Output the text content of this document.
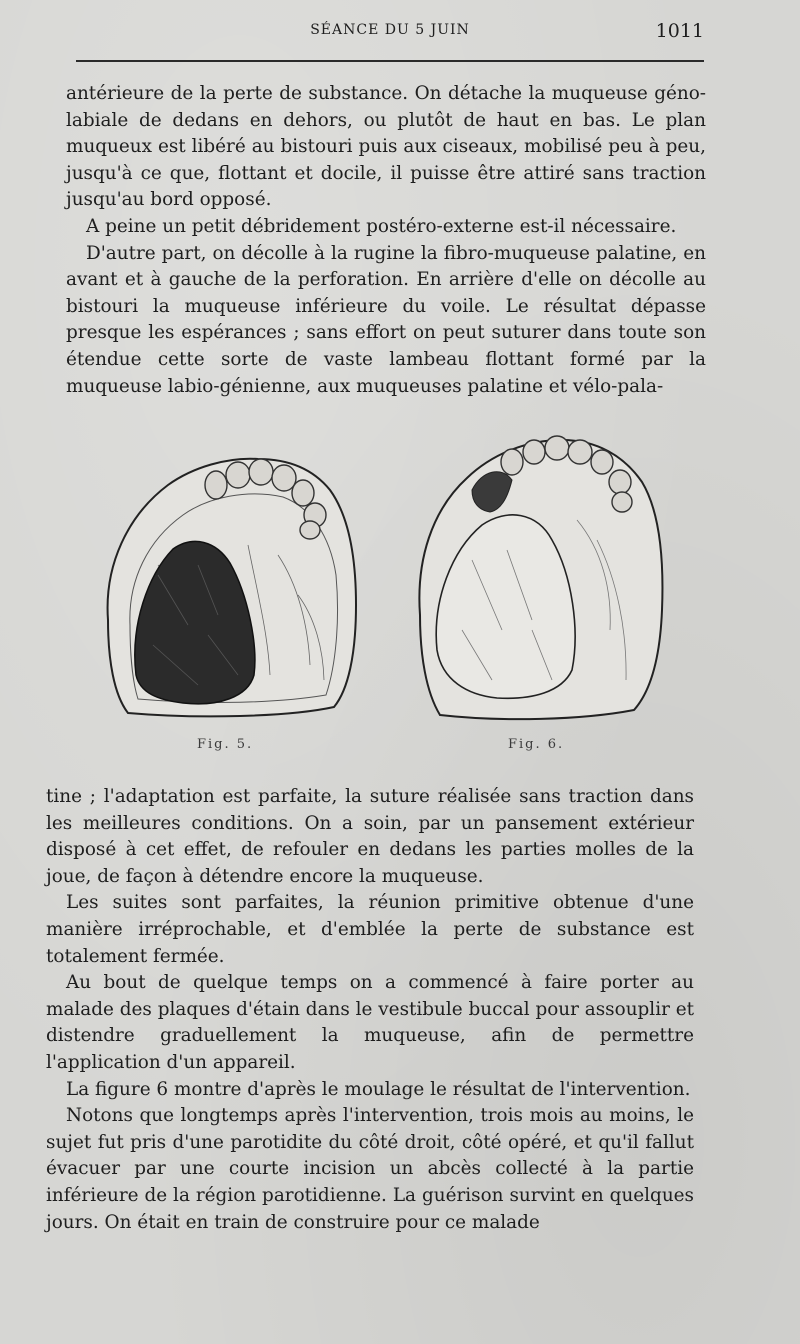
SÉANCE DU 5 JUIN	1011

antérieure de la perte de substance. On détache la muqueuse géno-labiale de dedans en dehors, ou plutôt de haut en bas. Le plan muqueux est libéré au bistouri puis aux ciseaux, mobilisé peu à peu, jusqu'à ce que, flottant et docile, il puisse être attiré sans traction jusqu'au bord opposé.

A peine un petit débridement postéro-externe est-il nécessaire.

D'autre part, on décolle à la rugine la fibro-muqueuse palatine, en avant et à gauche de la perforation. En arrière d'elle on décolle au bistouri la muqueuse inférieure du voile. Le résultat dépasse presque les espérances ; sans effort on peut suturer dans toute son étendue cette sorte de vaste lambeau flottant formé par la muqueuse labio-génienne, aux muqueuses palatine et vélo-pala-

Fig. 5.	Fig. 6.

tine ; l'adaptation est parfaite, la suture réalisée sans traction dans les meilleures conditions. On a soin, par un pansement extérieur disposé à cet effet, de refouler en dedans les parties molles de la joue, de façon à détendre encore la muqueuse.

Les suites sont parfaites, la réunion primitive obtenue d'une manière irréprochable, et d'emblée la perte de substance est totalement fermée.

Au bout de quelque temps on a commencé à faire porter au malade des plaques d'étain dans le vestibule buccal pour assouplir et distendre graduellement la muqueuse, afin de permettre l'application d'un appareil.

La figure 6 montre d'après le moulage le résultat de l'intervention.

Notons que longtemps après l'intervention, trois mois au moins, le sujet fut pris d'une parotidite du côté droit, côté opéré, et qu'il fallut évacuer par une courte incision un abcès collecté à la partie inférieure de la région parotidienne. La guérison survint en quelques jours. On était en train de construire pour ce malade
